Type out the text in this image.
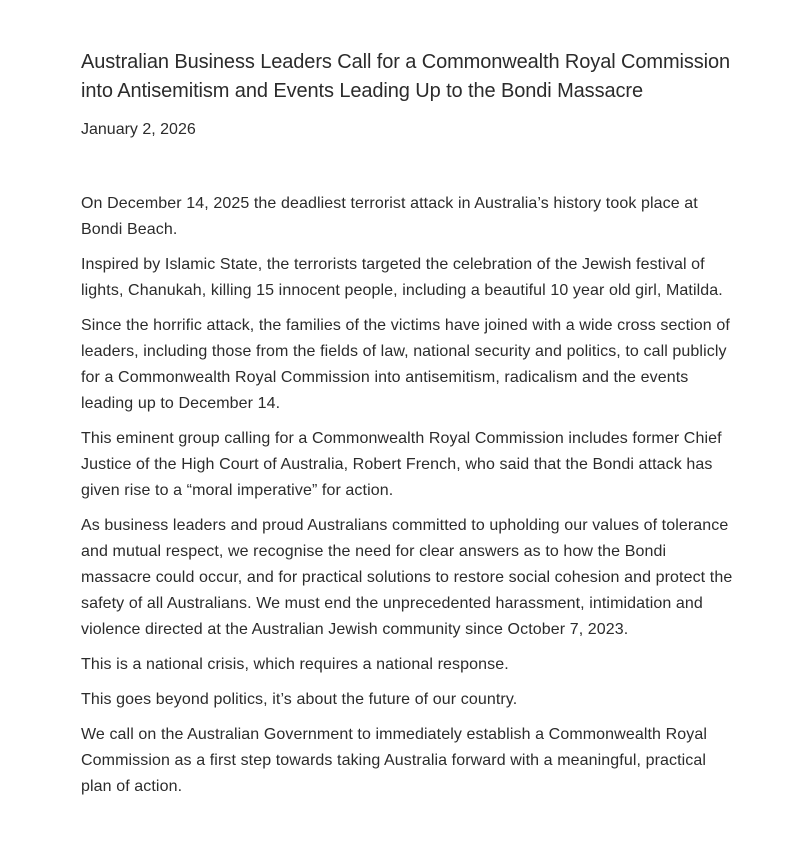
Australian Business Leaders Call for a Commonwealth Royal Commission into Antisemitism and Events Leading Up to the Bondi Massacre
January 2, 2026

On December 14, 2025 the deadliest terrorist attack in Australia’s history took place at Bondi Beach.

Inspired by Islamic State, the terrorists targeted the celebration of the Jewish festival of lights, Chanukah, killing 15 innocent people, including a beautiful 10 year old girl, Matilda.

Since the horrific attack, the families of the victims have joined with a wide cross section of leaders, including those from the fields of law, national security and politics, to call publicly for a Commonwealth Royal Commission into antisemitism, radicalism and the events leading up to December 14.

This eminent group calling for a Commonwealth Royal Commission includes former Chief Justice of the High Court of Australia, Robert French, who said that the Bondi attack has given rise to a “moral imperative” for action.

As business leaders and proud Australians committed to upholding our values of tolerance and mutual respect, we recognise the need for clear answers as to how the Bondi massacre could occur, and for practical solutions to restore social cohesion and protect the safety of all Australians. We must end the unprecedented harassment, intimidation and violence directed at the Australian Jewish community since October 7, 2023.

This is a national crisis, which requires a national response.

This goes beyond politics, it’s about the future of our country.

We call on the Australian Government to immediately establish a Commonwealth Royal Commission as a first step towards taking Australia forward with a meaningful, practical plan of action.
